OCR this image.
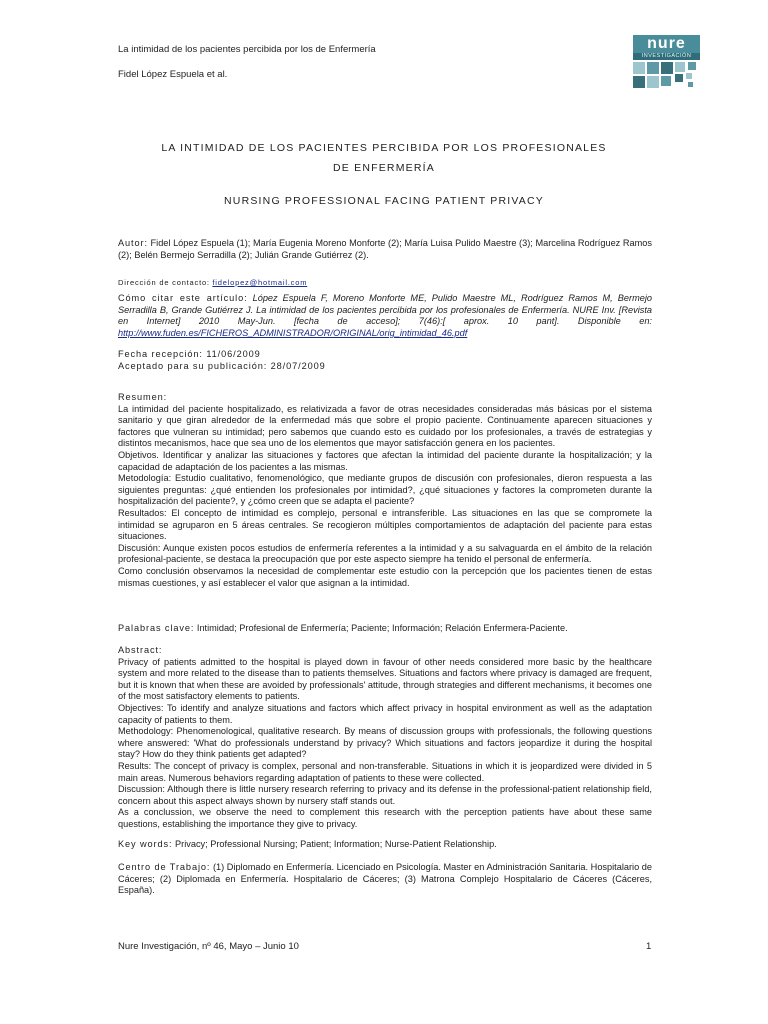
La intimidad de los pacientes percibida por los de Enfermería
Fidel López Espuela et al.
nure
INVESTIGACIÓN
LA INTIMIDAD DE LOS PACIENTES PERCIBIDA POR LOS PROFESIONALES
DE ENFERMERÍA
NURSING PROFESSIONAL FACING PATIENT PRIVACY
Autor: Fidel López Espuela (1); María Eugenia Moreno Monforte (2); María Luisa Pulido Maestre (3); Marcelina Rodríguez Ramos (2); Belén Bermejo Serradilla (2); Julián Grande Gutiérrez (2).
Dirección de contacto: fidelopez@hotmail.com
Cómo citar este artículo: López Espuela F, Moreno Monforte ME, Pulido Maestre ML, Rodríguez Ramos M, Bermejo Serradilla B, Grande Gutiérrez J. La intimidad de los pacientes percibida por los profesionales de Enfermería. NURE Inv. [Revista en Internet] 2010 May-Jun. [fecha de acceso]; 7(46):[ aprox. 10 pant]. Disponible en: http://www.fuden.es/FICHEROS_ADMINISTRADOR/ORIGINAL/orig_intimidad_46.pdf

Fecha recepción: 11/06/2009

Aceptado para su publicación: 28/07/2009

Resumen:

La intimidad del paciente hospitalizado, es relativizada a favor de otras necesidades consideradas más básicas por el sistema sanitario y que giran alrededor de la enfermedad más que sobre el propio paciente. Continuamente aparecen situaciones y factores que vulneran su intimidad; pero sabemos que cuando esto es cuidado por los profesionales, a través de estrategias y distintos mecanismos, hace que sea uno de los elementos que mayor satisfacción genera en los pacientes.

Objetivos. Identificar y analizar las situaciones y factores que afectan la intimidad del paciente durante la hospitalización; y la capacidad de adaptación de los pacientes a las mismas.

Metodología: Estudio cualitativo, fenomenológico, que mediante grupos de discusión con profesionales, dieron respuesta a las siguientes preguntas: ¿qué entienden los profesionales por intimidad?, ¿qué situaciones y factores la comprometen durante la hospitalización del paciente?, y ¿cómo creen que se adapta el paciente?

Resultados: El concepto de intimidad es complejo, personal e intransferible. Las situaciones en las que se compromete la intimidad se agruparon en 5 áreas centrales. Se recogieron múltiples comportamientos de adaptación del paciente para estas situaciones.

Discusión: Aunque existen pocos estudios de enfermería referentes a la intimidad y a su salvaguarda en el ámbito de la relación profesional-paciente, se destaca la preocupación que por este aspecto siempre ha tenido el personal de enfermería.

Como conclusión observamos la necesidad de complementar este estudio con la percepción que los pacientes tienen de estas mismas cuestiones, y así establecer el valor que asignan a la intimidad.

Palabras clave: Intimidad; Profesional de Enfermería; Paciente; Información; Relación Enfermera-Paciente.

Abstract:

Privacy of patients admitted to the hospital is played down in favour of other needs considered more basic by the healthcare system and more related to the disease than to patients themselves. Situations and factors where privacy is damaged are frequent, but it is known that when these are avoided by professionals' attitude, through strategies and different mechanisms, it becomes one of the most satisfactory elements to patients.

Objectives: To identify and analyze situations and factors which affect privacy in hospital environment as well as the adaptation capacity of patients to them.

Methodology: Phenomenological, qualitative research. By means of discussion groups with professionals, the following questions where answered: 'What do professionals understand by privacy? Which situations and factors jeopardize it during the hospital stay? How do they think patients get adapted?

Results: The concept of privacy is complex, personal and non-transferable. Situations in which it is jeopardized were divided in 5 main areas. Numerous behaviors regarding adaptation of patients to these were collected.

Discussion: Although there is little nursery research referring to privacy and its defense in the professional-patient relationship field, concern about this aspect always shown by nursery staff stands out.

As a conclussion, we observe the need to complement this research with the perception patients have about these same questions, establishing the importance they give to privacy.

Key words: Privacy; Professional Nursing; Patient; Information; Nurse-Patient Relationship.
Centro de Trabajo: (1) Diplomado en Enfermería. Licenciado en Psicología. Master en Administración Sanitaria. Hospitalario de Cáceres; (2) Diplomada en Enfermería. Hospitalario de Cáceres; (3) Matrona Complejo Hospitalario de Cáceres (Cáceres, España).
Nure Investigación, nº 46, Mayo – Junio 10	1
